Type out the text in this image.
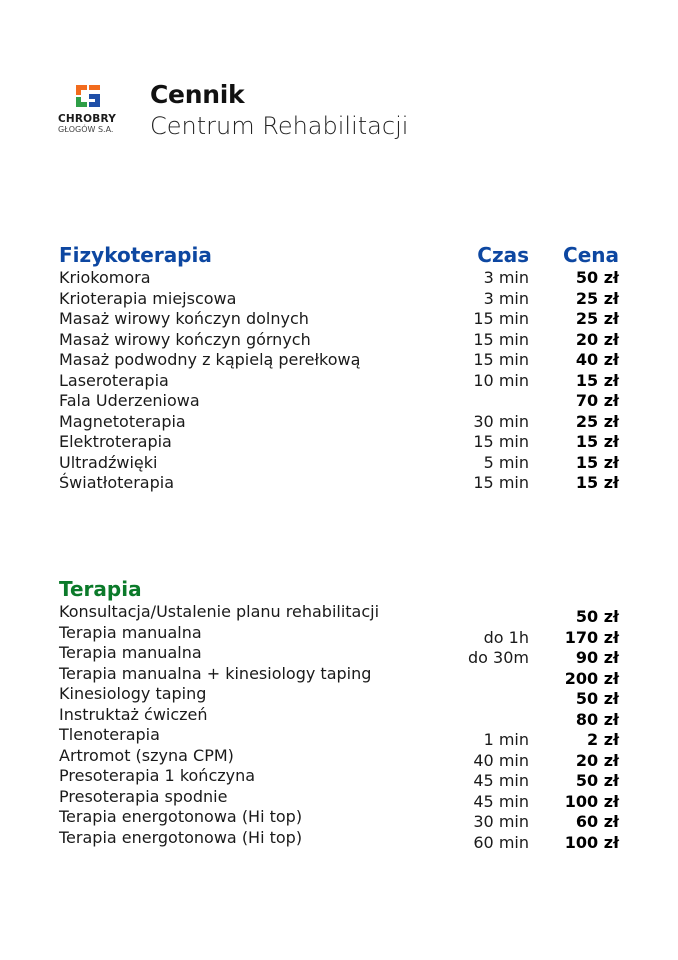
CHROBRY
GŁOGÓW S.A.
Cennik
Centrum Rehabilitacji
Fizykoterapia	Czas Cena
Kriokomora	3 min	50 zł
Krioterapia miejscowa	3 min	25 zł
Masaż wirowy kończyn dolnych	15 min	25 zł
Masaż wirowy kończyn górnych	15 min	20 zł
Masaż podwodny z kąpielą perełkową	15 min	40 zł
Laseroterapia	10 min	15 zł
Fala Uderzeniowa	70 zł
Magnetoterapia	30 min	25 zł
Elektroterapia	15 min	15 zł
Ultradźwięki	5 min	15 zł
Światłoterapia	15 min	15 zł
Terapia
Konsultacja/Ustalenie planu rehabilitacji	50 zł
Terapia manualna	do 1h 170 zł
Terapia manualna	do 30m	90 zł
Terapia manualna + kinesiology taping	200 zł
Kinesiology taping	50 zł
Instruktaż ćwiczeń	80 zł
Tlenoterapia	1 min	2 zł
Artromot (szyna CPM)	40 min	20 zł
Presoterapia 1 kończyna	45 min	50 zł
Presoterapia spodnie	45 min 100 zł
Terapia energotonowa (Hi top)	30 min	60 zł
Terapia energotonowa (Hi top)	60 min 100 zł
